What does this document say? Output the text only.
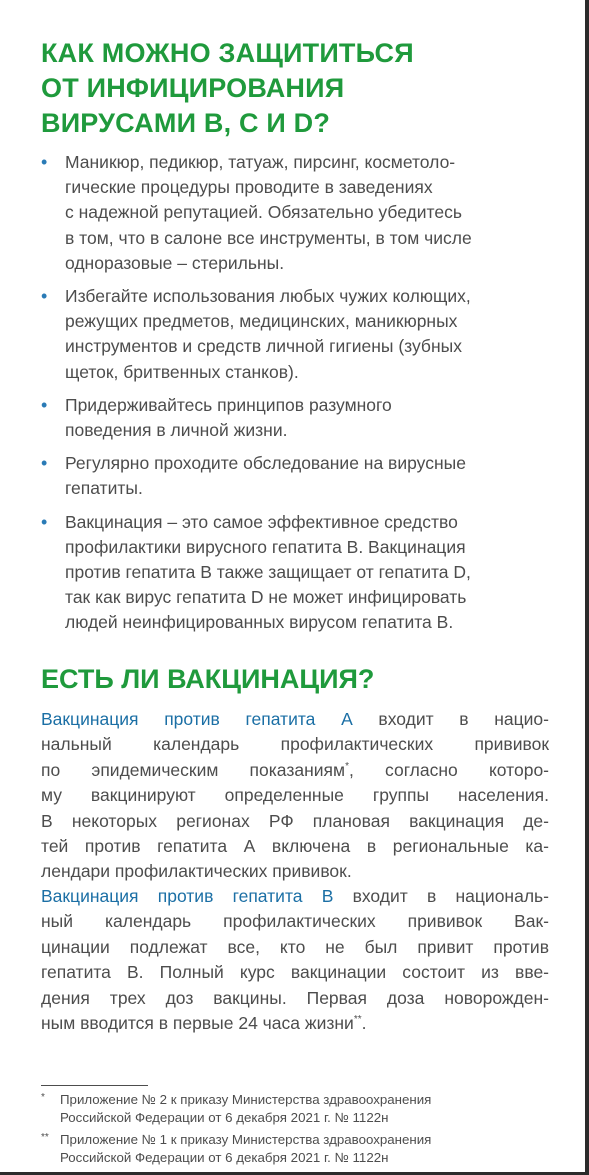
КАК МОЖНО ЗАЩИТИТЬСЯ
ОТ ИНФИЦИРОВАНИЯ
ВИРУСАМИ В, С И D?
• Маникюр, педикюр, татуаж, пирсинг, косметоло-
гические процедуры проводите в заведениях
с надежной репутацией. Обязательно убедитесь
в том, что в салоне все инструменты, в том числе
одноразовые – стерильны.
• Избегайте использования любых чужих колющих,
режущих предметов, медицинских, маникюрных
инструментов и средств личной гигиены (зубных
щеток, бритвенных станков).
• Придерживайтесь принципов разумного
поведения в личной жизни.
• Регулярно проходите обследование на вирусные
гепатиты.
• Вакцинация – это самое эффективное средство
профилактики вирусного гепатита В. Вакцинация
против гепатита В также защищает от гепатита D,
так как вирус гепатита D не может инфицировать
людей неинфицированных вирусом гепатита В.
ЕСТЬ ЛИ ВАКЦИНАЦИЯ?
Вакцинация против гепатита А входит в нацио-
нальный календарь профилактических прививок
по эпидемическим показаниям*, согласно которо-
му вакцинируют определенные группы населения.
В некоторых регионах РФ плановая вакцинация де-
тей против гепатита А включена в региональные ка-
лендари профилактических прививок.
Вакцинация против гепатита В входит в националь-
ный календарь профилактических прививок Вак-
цинации подлежат все, кто не был привит против
гепатита В. Полный курс вакцинации состоит из вве-
дения трех доз вакцины. Первая доза новорожден-
ным вводится в первые 24 часа жизни**.
*	Приложение № 2 к приказу Министерства здравоохранения
Российской Федерации от 6 декабря 2021 г. № 1122н
** Приложение № 1 к приказу Министерства здравоохранения
Российской Федерации от 6 декабря 2021 г. № 1122н
